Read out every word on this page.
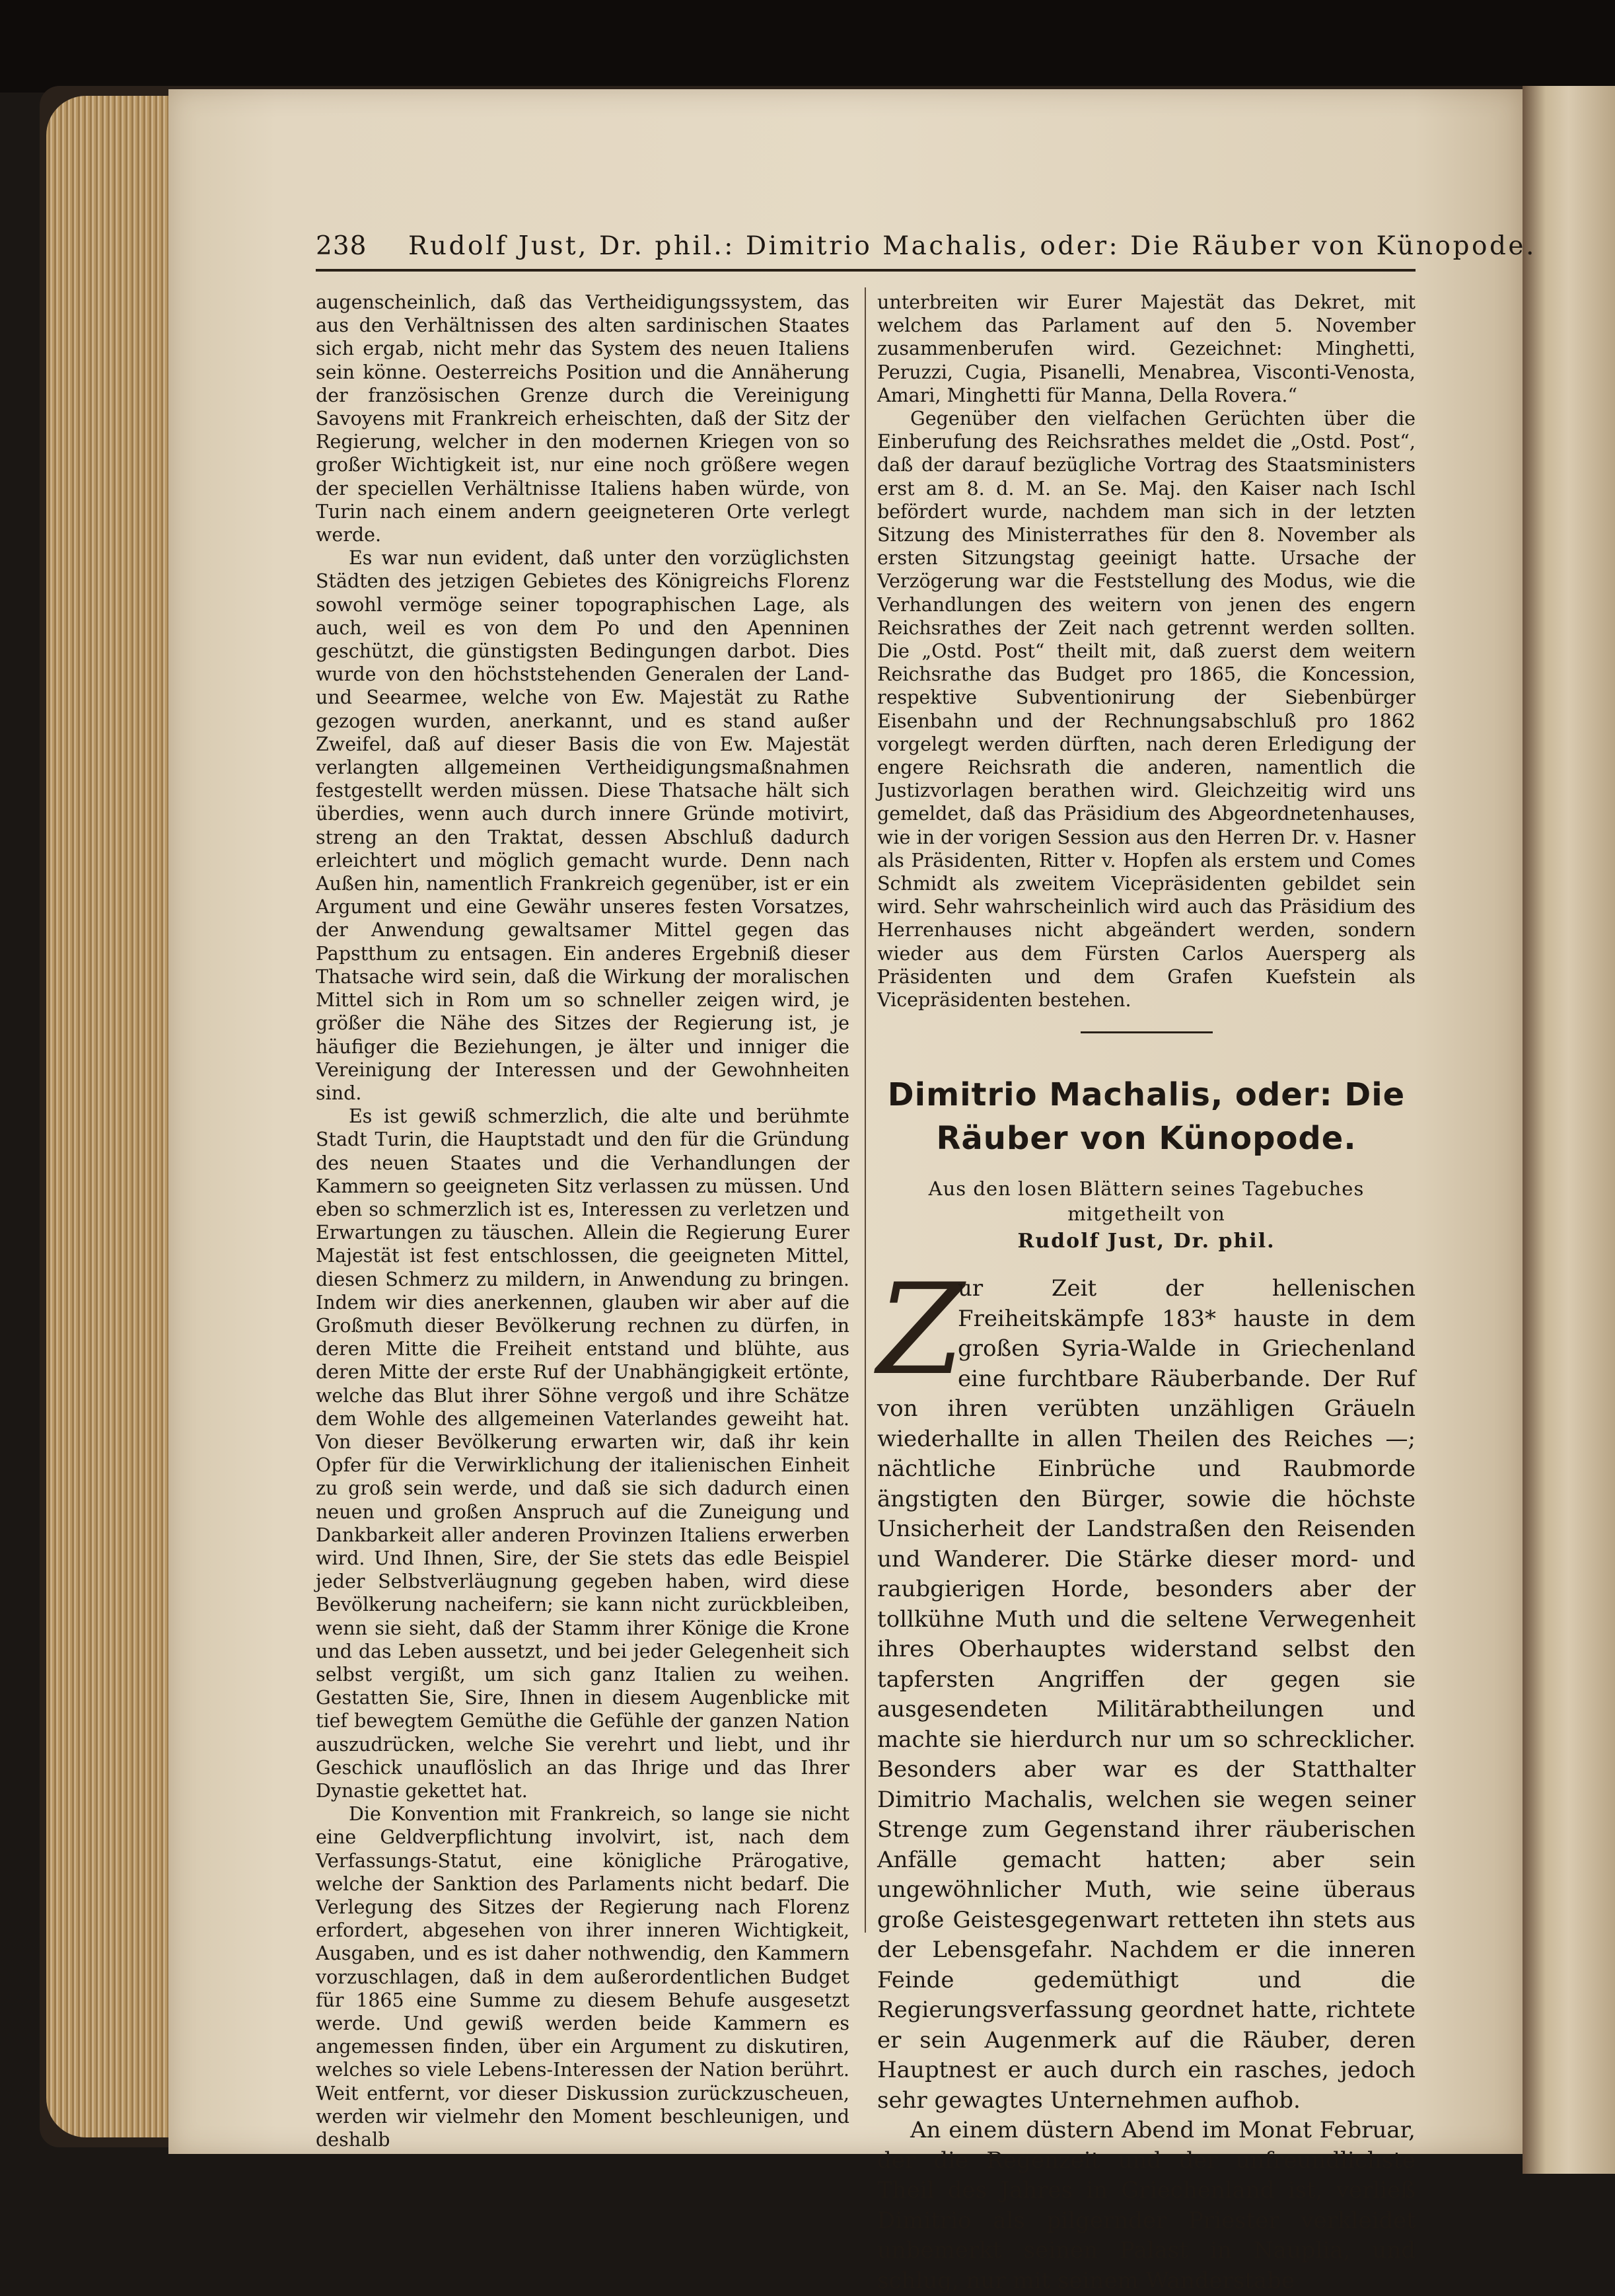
238 Rudolf Just, Dr. phil.: Dimitrio Machalis, oder: Die Räuber von Künopode.

augenscheinlich, daß das Vertheidigungssystem, das aus den Verhältnissen des alten sardinischen Staates sich ergab, nicht mehr das System des neuen Italiens sein könne. Oesterreichs Position und die Annäherung der französischen Grenze durch die Vereinigung Savoyens mit Frankreich erheischten, daß der Sitz der Regierung, welcher in den modernen Kriegen von so großer Wichtigkeit ist, nur eine noch größere wegen der speciellen Verhältnisse Italiens haben würde, von Turin nach einem andern geeigneteren Orte verlegt werde.

Es war nun evident, daß unter den vorzüglichsten Städten des jetzigen Gebietes des Königreichs Florenz sowohl vermöge seiner topographischen Lage, als auch, weil es von dem Po und den Apenninen geschützt, die günstigsten Bedingungen darbot. Dies wurde von den höchststehenden Generalen der Land- und Seearmee, welche von Ew. Majestät zu Rathe gezogen wurden, anerkannt, und es stand außer Zweifel, daß auf dieser Basis die von Ew. Majestät verlangten allgemeinen Vertheidigungsmaßnahmen festgestellt werden müssen. Diese Thatsache hält sich überdies, wenn auch durch innere Gründe motivirt, streng an den Traktat, dessen Abschluß dadurch erleichtert und möglich gemacht wurde. Denn nach Außen hin, namentlich Frankreich gegenüber, ist er ein Argument und eine Gewähr unseres festen Vorsatzes, der Anwendung gewaltsamer Mittel gegen das Papstthum zu entsagen. Ein anderes Ergebniß dieser Thatsache wird sein, daß die Wirkung der moralischen Mittel sich in Rom um so schneller zeigen wird, je größer die Nähe des Sitzes der Regierung ist, je häufiger die Beziehungen, je älter und inniger die Vereinigung der Interessen und der Gewohnheiten sind.

Es ist gewiß schmerzlich, die alte und berühmte Stadt Turin, die Hauptstadt und den für die Gründung des neuen Staates und die Verhandlungen der Kammern so geeigneten Sitz verlassen zu müssen. Und eben so schmerzlich ist es, Interessen zu verletzen und Erwartungen zu täuschen. Allein die Regierung Eurer Majestät ist fest entschlossen, die geeigneten Mittel, diesen Schmerz zu mildern, in Anwendung zu bringen. Indem wir dies anerkennen, glauben wir aber auf die Großmuth dieser Bevölkerung rechnen zu dürfen, in deren Mitte die Freiheit entstand und blühte, aus deren Mitte der erste Ruf der Unabhängigkeit ertönte, welche das Blut ihrer Söhne vergoß und ihre Schätze dem Wohle des allgemeinen Vaterlandes geweiht hat. Von dieser Bevölkerung erwarten wir, daß ihr kein Opfer für die Verwirklichung der italienischen Einheit zu groß sein werde, und daß sie sich dadurch einen neuen und großen Anspruch auf die Zuneigung und Dankbarkeit aller anderen Provinzen Italiens erwerben wird. Und Ihnen, Sire, der Sie stets das edle Beispiel jeder Selbstverläugnung gegeben haben, wird diese Bevölkerung nacheifern; sie kann nicht zurückbleiben, wenn sie sieht, daß der Stamm ihrer Könige die Krone und das Leben aussetzt, und bei jeder Gelegenheit sich selbst vergißt, um sich ganz Italien zu weihen. Gestatten Sie, Sire, Ihnen in diesem Augenblicke mit tief bewegtem Gemüthe die Gefühle der ganzen Nation auszudrücken, welche Sie verehrt und liebt, und ihr Geschick unauflöslich an das Ihrige und das Ihrer Dynastie gekettet hat.

Die Konvention mit Frankreich, so lange sie nicht eine Geldverpflichtung involvirt, ist, nach dem Verfassungs-Statut, eine königliche Prärogative, welche der Sanktion des Parlaments nicht bedarf. Die Verlegung des Sitzes der Regierung nach Florenz erfordert, abgesehen von ihrer inneren Wichtigkeit, Ausgaben, und es ist daher nothwendig, den Kammern vorzuschlagen, daß in dem außerordentlichen Budget für 1865 eine Summe zu diesem Behufe ausgesetzt werde. Und gewiß werden beide Kammern es angemessen finden, über ein Argument zu diskutiren, welches so viele Lebens-Interessen der Nation berührt. Weit entfernt, vor dieser Diskussion zurückzuscheuen, werden wir vielmehr den Moment beschleunigen, und deshalb

unterbreiten wir Eurer Majestät das Dekret, mit welchem das Parlament auf den 5. November zusammenberufen wird. Gezeichnet: Minghetti, Peruzzi, Cugia, Pisanelli, Menabrea, Visconti-Venosta, Amari, Minghetti für Manna, Della Rovera.“

Gegenüber den vielfachen Gerüchten über die Einberufung des Reichsrathes meldet die „Ostd. Post“, daß der darauf bezügliche Vortrag des Staatsministers erst am 8. d. M. an Se. Maj. den Kaiser nach Ischl befördert wurde, nachdem man sich in der letzten Sitzung des Ministerrathes für den 8. November als ersten Sitzungstag geeinigt hatte. Ursache der Verzögerung war die Feststellung des Modus, wie die Verhandlungen des weitern von jenen des engern Reichsrathes der Zeit nach getrennt werden sollten. Die „Ostd. Post“ theilt mit, daß zuerst dem weitern Reichsrathe das Budget pro 1865, die Koncession, respektive Subventionirung der Siebenbürger Eisenbahn und der Rechnungsabschluß pro 1862 vorgelegt werden dürften, nach deren Erledigung der engere Reichsrath die anderen, namentlich die Justizvorlagen berathen wird. Gleichzeitig wird uns gemeldet, daß das Präsidium des Abgeordnetenhauses, wie in der vorigen Session aus den Herren Dr. v. Hasner als Präsidenten, Ritter v. Hopfen als erstem und Comes Schmidt als zweitem Vicepräsidenten gebildet sein wird. Sehr wahrscheinlich wird auch das Präsidium des Herrenhauses nicht abgeändert werden, sondern wieder aus dem Fürsten Carlos Auersperg als Präsidenten und dem Grafen Kuefstein als Vicepräsidenten bestehen.

Dimitrio Machalis, oder: Die Räuber von Künopode.

Aus den losen Blättern seines Tagebuches mitgetheilt von

Rudolf Just, Dr. phil.

Z
ur Zeit der hellenischen Freiheitskämpfe 183* hauste in dem großen Syria-Walde in Griechenland eine furchtbare Räuberbande. Der Ruf von ihren verübten unzähligen Gräueln wiederhallte in allen Theilen des Reiches —; nächtliche Einbrüche und Raubmorde ängstigten den Bürger, sowie die höchste Unsicherheit der Landstraßen den Reisenden und Wanderer. Die Stärke dieser mord- und raubgierigen Horde, besonders aber der tollkühne Muth und die seltene Verwegenheit ihres Oberhauptes widerstand selbst den tapfersten Angriffen der gegen sie ausgesendeten Militärabtheilungen und machte sie hierdurch nur um so schrecklicher. Besonders aber war es der Statthalter Dimitrio Machalis, welchen sie wegen seiner Strenge zum Gegenstand ihrer räuberischen Anfälle gemacht hatten; aber sein ungewöhnlicher Muth, wie seine überaus große Geistesgegenwart retteten ihn stets aus der Lebensgefahr. Nachdem er die inneren Feinde gedemüthigt und die Regierungsverfassung geordnet hatte, richtete er sein Augenmerk auf die Räuber, deren Hauptnest er auch durch ein rasches, jedoch sehr gewagtes Unternehmen aufhob.

An einem düstern Abend im Monat Februar, der die Regenzeit und der unfreundlichste Theil des Jahres in Griechenland ist, verließ Dimitrio als pilgernder Priester verkleidet unbemerkt seinen Palast in Nauplia, und schlug, nur mit seinem Wanderstabe
